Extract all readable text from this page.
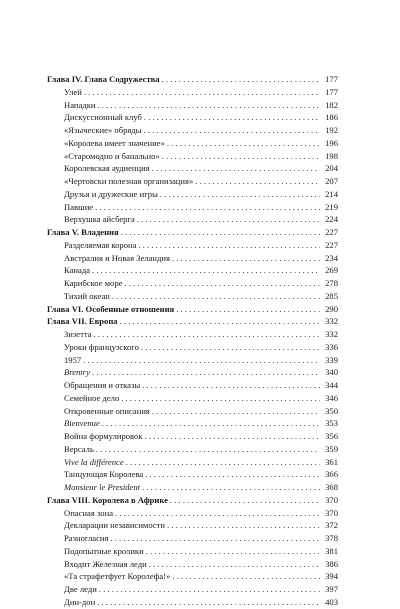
Глава IV. Глава Содружества . . .	177
Улей . . .	177
Нападки . . .	182
Дискуссионный клуб . . .	186
«Языческие» обряды . . .	192
«Королева имеет значение» . . .	196
«Старомодно и банально» . . .	198
Королевская аудиенция . . .	204
«Чертовски полезная организация» . . .	207
Друзья и дружеские игры . . .	214
Павшие . . .	219
Верхушка айсберга . . .	224
Глава V. Владения . . .	227
Разделяемая корона . . .	227
Австралия и Новая Зеландия . . .	234
Канада . . .	269
Карибское море . . .	278
Тихий океан . . .	285
Глава VI. Особенные отношения . . .	290
Глава VII. Европа . . .	332
Зизетта . . .	332
Уроки французского . . .	336
1957 . . .	339
Brentry . . .	340
Обращения и отказы . . .	344
Семейное дело . . .	346
Откровенные описания . . .	350
Bienvenue . . .	353
Война формулировок . . .	356
Версаль . . .	359
Vive la différence . . .	361
Танцующая Королева . . .	366
Monsieur le President . . .	368
Глава VIII. Королева в Африке . . .	370
Опасная зона . . .	370
Декларации независимости . . .	372
Разногласия . . .	378
Подопытные кролики . . .	381
Входит Железная леди . . .	386
«Та страфетфует Королефа!» . . .	394
Две леди . . .	397
Дин-дон . . .	403
